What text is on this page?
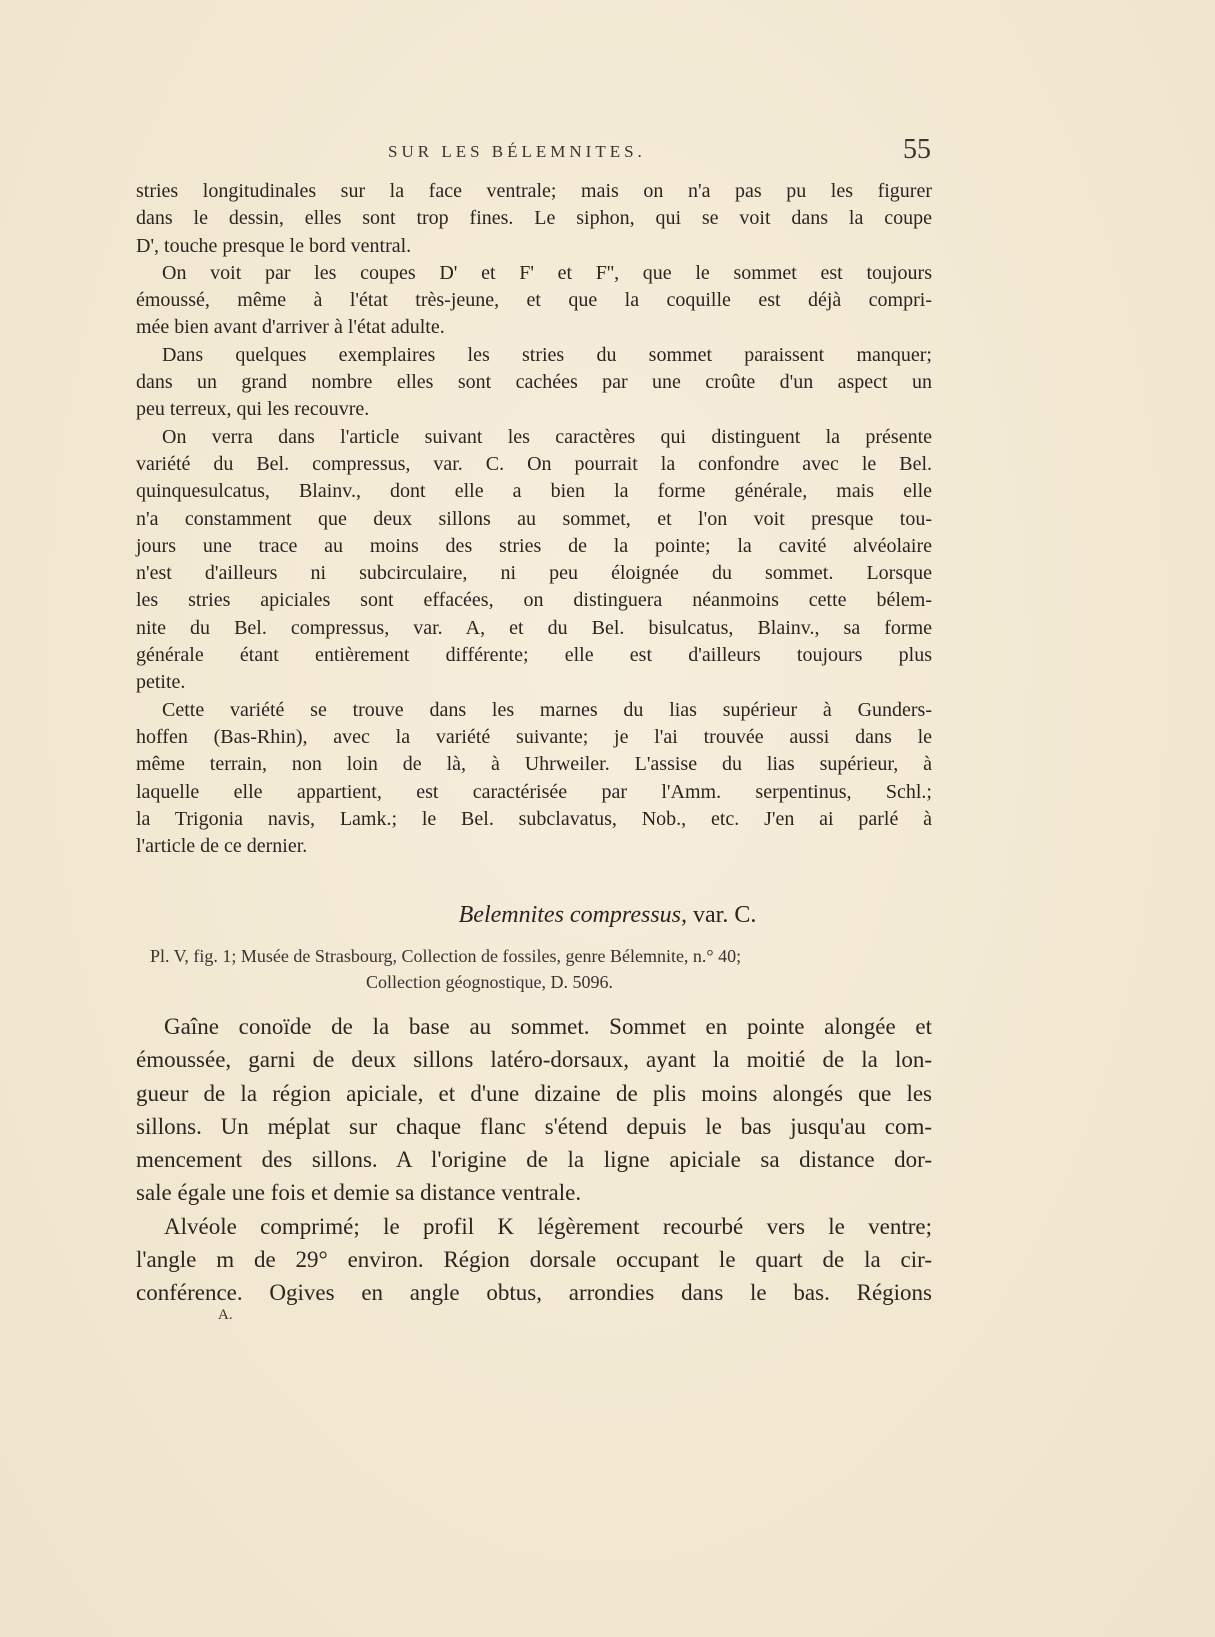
SUR LES BÉLEMNITES.	55
stries longitudinales sur la face ventrale; mais on n'a pas pu les figurer
dans le dessin, elles sont trop fines. Le siphon, qui se voit dans la coupe
D', touche presque le bord ventral.
On voit par les coupes D' et F' et F'', que le sommet est toujours
émoussé, même à l'état très-jeune, et que la coquille est déjà compri-
mée bien avant d'arriver à l'état adulte.
Dans quelques exemplaires les stries du sommet paraissent manquer;
dans un grand nombre elles sont cachées par une croûte d'un aspect un
peu terreux, qui les recouvre.
On verra dans l'article suivant les caractères qui distinguent la présente
variété du Bel. compressus, var. C. On pourrait la confondre avec le Bel.
quinquesulcatus, Blainv., dont elle a bien la forme générale, mais elle
n'a constamment que deux sillons au sommet, et l'on voit presque tou-
jours une trace au moins des stries de la pointe; la cavité alvéolaire
n'est d'ailleurs ni subcirculaire, ni peu éloignée du sommet. Lorsque
les stries apiciales sont effacées, on distinguera néanmoins cette bélem-
nite du Bel. compressus, var. A, et du Bel. bisulcatus, Blainv., sa forme
générale étant entièrement différente; elle est d'ailleurs toujours plus
petite.
Cette variété se trouve dans les marnes du lias supérieur à Gunders-
hoffen (Bas-Rhin), avec la variété suivante; je l'ai trouvée aussi dans le
même terrain, non loin de là, à Uhrweiler. L'assise du lias supérieur, à
laquelle elle appartient, est caractérisée par l'Amm. serpentinus, Schl.;
la Trigonia navis, Lamk.; le Bel. subclavatus, Nob., etc. J'en ai parlé à
l'article de ce dernier.
Belemnites compressus, var. C.
Pl. V, fig. 1; Musée de Strasbourg, Collection de fossiles, genre Bélemnite, n.° 40;
Collection géognostique, D. 5096.
Gaîne conoïde de la base au sommet. Sommet en pointe alongée et
émoussée, garni de deux sillons latéro-dorsaux, ayant la moitié de la lon-
gueur de la région apiciale, et d'une dizaine de plis moins alongés que les
sillons. Un méplat sur chaque flanc s'étend depuis le bas jusqu'au com-
mencement des sillons. A l'origine de la ligne apiciale sa distance dor-
sale égale une fois et demie sa distance ventrale.
Alvéole comprimé; le profil K légèrement recourbé vers le ventre;
l'angle m de 29° environ. Région dorsale occupant le quart de la cir-
conférence. Ogives en angle obtus, arrondies dans le bas. Régions
A.
